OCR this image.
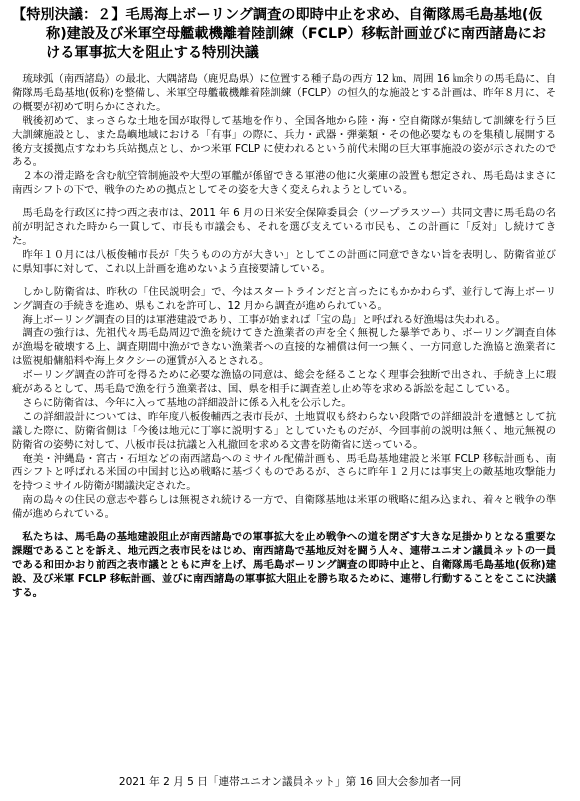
【特別決議：２】毛馬海上ボーリング調査の即時中止を求め、自衛隊馬毛島基地(仮称)建設及び米軍空母艦載機離着陸訓練（FCLP）移転計画並びに南西諸島における軍事拡大を阻止する特別決議

琉球弧（南西諸島）の最北、大隅諸島（鹿児島県）に位置する種子島の西方 12 ㎞、周囲 16 ㎞余りの馬毛島に、自衛隊馬毛島基地(仮称)を整備し、米軍空母艦載機離着陸訓練（FCLP）の恒久的な施設とする計画は、昨年８月に、その概要が初めて明らかにされた。

戦後初めて、まっさらな土地を国が取得して基地を作り、全国各地から陸・海・空自衛隊が集結して訓練を行う巨大訓練施設とし、また島嶼地域における「有事」の際に、兵力・武器・弾薬類・その他必要なものを集積し展開する後方支援拠点すなわち兵站拠点とし、かつ米軍 FCLP に使われるという前代未聞の巨大軍事施設の姿が示されたのである。

２本の滑走路を含む航空管制施設や大型の軍艦が係留できる軍港の他に火薬庫の設置も想定され、馬毛島はまさに南西シフトの下で、戦争のための拠点としてその姿を大きく変えられようとしている。

馬毛島を行政区に持つ西之表市は、2011 年 6 月の日米安全保障委員会（ツープラスツー）共同文書に馬毛島の名前が明記された時から一貫して、市長も市議会も、それを選び支えている市民も、この計画に「反対」し続けてきた。

昨年１０月には八板俊輔市長が「失うものの方が大きい」としてこの計画に同意できない旨を表明し、防衛省並びに県知事に対して、これ以上計画を進めないよう直接要請している。

しかし防衛省は、昨秋の「住民説明会」で、今はスタートラインだと言ったにもかかわらず、並行して海上ボーリング調査の手続きを進め、県もこれを許可し、12 月から調査が進められている。

海上ボーリング調査の目的は軍港建設であり、工事が始まれば「宝の島」と呼ばれる好漁場は失われる。

調査の強行は、先祖代々馬毛島周辺で漁を続けてきた漁業者の声を全く無視した暴挙であり、ボーリング調査自体が漁場を破壊する上、調査期間中漁ができない漁業者への直接的な補償は何一つ無く、一方同意した漁協と漁業者には監視船傭船料や海上タクシーの運賃が入るとされる。

ボーリング調査の許可を得るために必要な漁協の同意は、総会を経ることなく理事会独断で出され、手続き上に瑕疵があるとして、馬毛島で漁を行う漁業者は、国、県を相手に調査差し止め等を求める訴訟を起こしている。

さらに防衛省は、今年に入って基地の詳細設計に係る入札を公示した。

この詳細設計については、昨年度八板俊輔西之表市長が、土地買収も終わらない段階での詳細設計を遺憾として抗議した際に、防衛省側は「今後は地元に丁寧に説明する」としていたものだが、今回事前の説明は無く、地元無視の防衛省の姿勢に対して、八板市長は抗議と入札撤回を求める文書を防衛省に送っている。

奄美・沖縄島・宮古・石垣などの南西諸島へのミサイル配備計画も、馬毛島基地建設と米軍 FCLP 移転計画も、南西シフトと呼ばれる米国の中国封じ込め戦略に基づくものであるが、さらに昨年１２月には事実上の敵基地攻撃能力を持つミサイル防衛が閣議決定された。

南の島々の住民の意志や暮らしは無視され続ける一方で、自衛隊基地は米軍の戦略に組み込まれ、着々と戦争の準備が進められている。

私たちは、馬毛島の基地建設阻止が南西諸島での軍事拡大を止め戦争への道を閉ざす大きな足掛かりとなる重要な課題であることを訴え、地元西之表市民をはじめ、南西諸島で基地反対を闘う人々、連帯ユニオン議員ネットの一員である和田かおり前西之表市議とともに声を上げ、馬毛島ボーリング調査の即時中止と、自衛隊馬毛島基地(仮称)建設、及び米軍 FCLP 移転計画、並びに南西諸島の軍事拡大阻止を勝ち取るために、連帯し行動することをここに決議する。

2021 年 2 月 5 日「連帯ユニオン議員ネット」第 16 回大会参加者一同
